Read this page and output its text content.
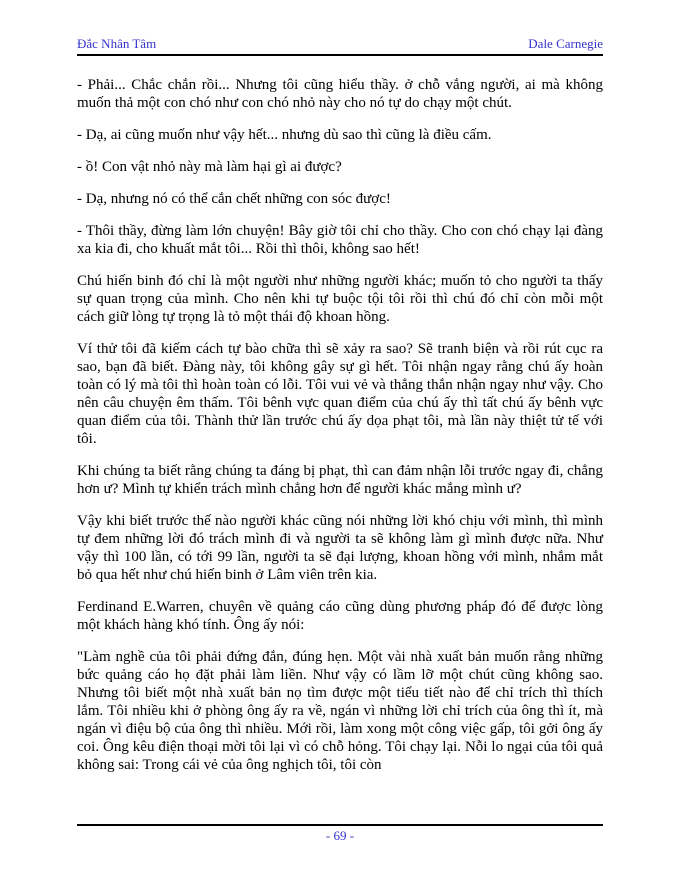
Đắc Nhân Tâm	Dale Carnegie

- Phải... Chắc chắn rồi... Nhưng tôi cũng hiểu thầy. ở chỗ vắng người, ai mà không muốn thả một con chó như con chó nhỏ này cho nó tự do chạy một chút.

- Dạ, ai cũng muốn như vậy hết... nhưng dù sao thì cũng là điều cấm.

- ồ! Con vật nhỏ này mà làm hại gì ai được?

- Dạ, nhưng nó có thể cắn chết những con sóc được!

- Thôi thầy, đừng làm lớn chuyện! Bây giờ tôi chỉ cho thầy. Cho con chó chạy lại đàng xa kia đi, cho khuất mắt tôi... Rồi thì thôi, không sao hết!

Chú hiến binh đó chỉ là một người như những người khác; muốn tỏ cho người ta thấy sự quan trọng của mình. Cho nên khi tự buộc tội tôi rồi thì chú đó chỉ còn mỗi một cách giữ lòng tự trọng là tỏ một thái độ khoan hồng.

Ví thử tôi đã kiếm cách tự bào chữa thì sẽ xảy ra sao? Sẽ tranh biện và rồi rút cục ra sao, bạn đã biết. Đàng này, tôi không gây sự gì hết. Tôi nhận ngay rằng chú ấy hoàn toàn có lý mà tôi thì hoàn toàn có lỗi. Tôi vui vẻ và thẳng thắn nhận ngay như vậy. Cho nên câu chuyện êm thấm. Tôi bênh vực quan điểm của chú ấy thì tất chú ấy bênh vực quan điểm của tôi. Thành thử lần trước chú ấy dọa phạt tôi, mà lần này thiệt tử tế với tôi.

Khi chúng ta biết rằng chúng ta đáng bị phạt, thì can đảm nhận lỗi trước ngay đi, chẳng hơn ư? Mình tự khiển trách mình chẳng hơn để người khác mắng mình ư?

Vậy khi biết trước thế nào người khác cũng nói những lời khó chịu với mình, thì mình tự đem những lời đó trách mình đi và người ta sẽ không làm gì mình được nữa. Như vậy thì 100 lần, có tới 99 lần, người ta sẽ đại lượng, khoan hồng với mình, nhắm mắt bỏ qua hết như chú hiến binh ở Lâm viên trên kia.

Ferdinand E.Warren, chuyên về quảng cáo cũng dùng phương pháp đó để được lòng một khách hàng khó tính. Ông ấy nói:

"Làm nghề của tôi phải đứng đắn, đúng hẹn. Một vài nhà xuất bản muốn rằng những bức quảng cáo họ đặt phải làm liền. Như vậy có lầm lỡ một chút cũng không sao. Nhưng tôi biết một nhà xuất bản nọ tìm được một tiểu tiết nào để chỉ trích thì thích lắm. Tôi nhiều khi ở phòng ông ấy ra về, ngán vì những lời chỉ trích của ông thì ít, mà ngán vì điệu bộ của ông thì nhiều. Mới rồi, làm xong một công việc gấp, tôi gởi ông ấy coi. Ông kêu điện thoại mời tôi lại vì có chỗ hỏng. Tôi chạy lại. Nỗi lo ngại của tôi quả không sai: Trong cái vẻ của ông nghịch tôi, tôi còn

- 69 -
